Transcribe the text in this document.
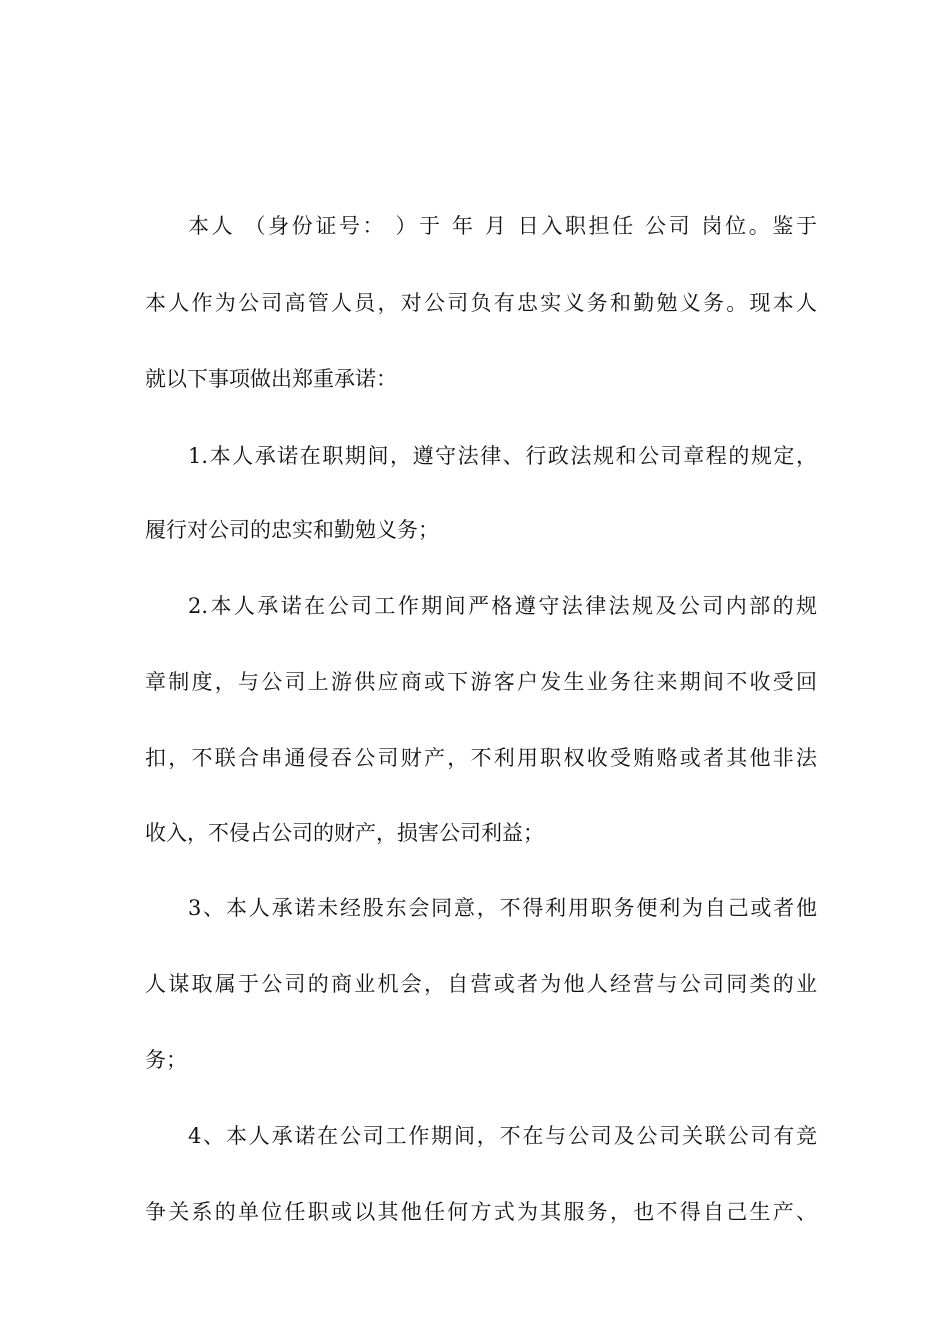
本人 （身份证号： ）于 年 月 日入职担任 公司 岗位。鉴于
本人作为公司高管人员，对公司负有忠实义务和勤勉义务。现本人
就以下事项做出郑重承诺：
1.本人承诺在职期间，遵守法律、行政法规和公司章程的规定，
履行对公司的忠实和勤勉义务；
2.本人承诺在公司工作期间严格遵守法律法规及公司内部的规
章制度，与公司上游供应商或下游客户发生业务往来期间不收受回
扣，不联合串通侵吞公司财产，不利用职权收受贿赂或者其他非法
收入，不侵占公司的财产，损害公司利益；
3、本人承诺未经股东会同意，不得利用职务便利为自己或者他
人谋取属于公司的商业机会，自营或者为他人经营与公司同类的业
务；
4、本人承诺在公司工作期间，不在与公司及公司关联公司有竞
争关系的单位任职或以其他任何方式为其服务，也不得自己生产、
